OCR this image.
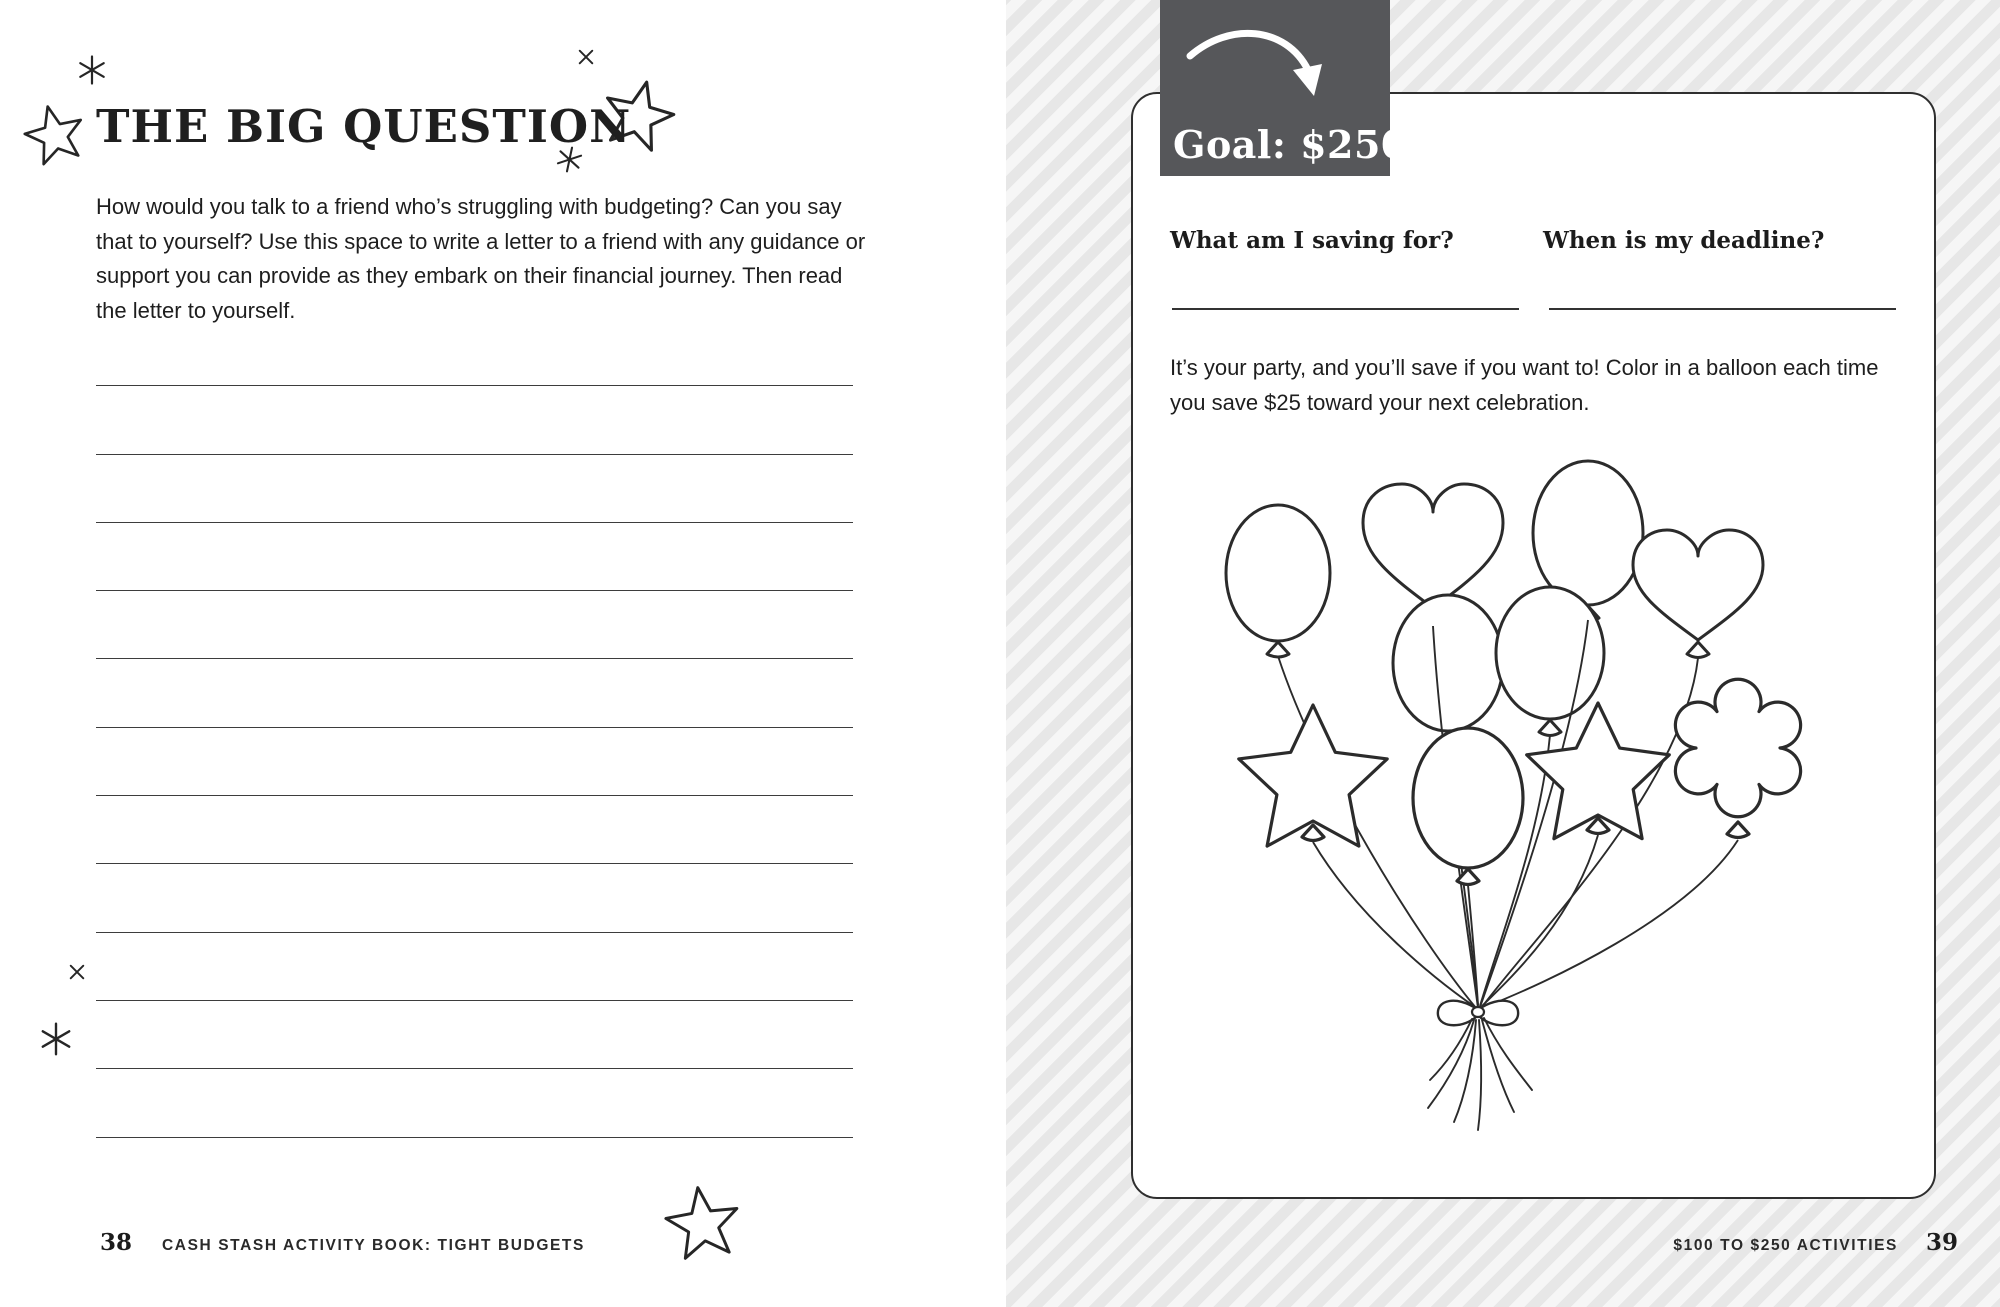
THE BIG QUESTION
How would you talk to a friend who’s struggling with budgeting? Can you say that to yourself? Use this space to write a letter to a friend with any guidance or support you can provide as they embark on their financial journey. Then read the letter to yourself.
38 CASH STASH ACTIVITY BOOK: TIGHT BUDGETS
Goal: $250
What am I saving for?	When is my deadline?
It’s your party, and you’ll save if you want to! Color in a balloon each time you save $25 toward your next celebration.
$100 TO $250 ACTIVITIES 39
